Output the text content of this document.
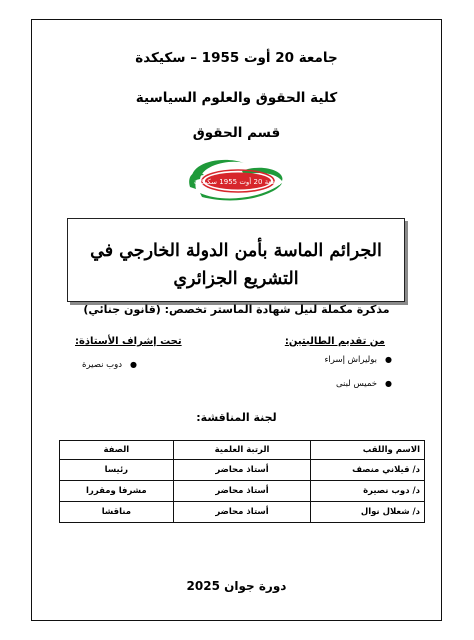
جامعة 20 أوت 1955 – سكيكدة
كلية الحقوق والعلوم السياسية
قسم الحقوق
جامعة 20 أوت 1955 سكيكدة
الجرائم الماسة بأمن الدولة الخارجي في
التشريع الجزائري
مذكرة مكملة لنيل شهادة الماستر تخصص: (قانون جنائي)
من تقديم الطالبتين:
تحت إشراف الأستاذة:
●بوليراش إسراء
●خميس لبنى
●دوب نصيرة
لجنة المناقشة:
الاسم واللقب	الرتبة العلمية	الصفة
د/ قيلاني منصف	أستاذ محاضر	رئيسا
د/ دوب نصيرة	أستاذ محاضر	مشرفا ومقررا
د/ شعلال نوال	أستاذ محاضر	مناقشا
دورة جوان 2025
